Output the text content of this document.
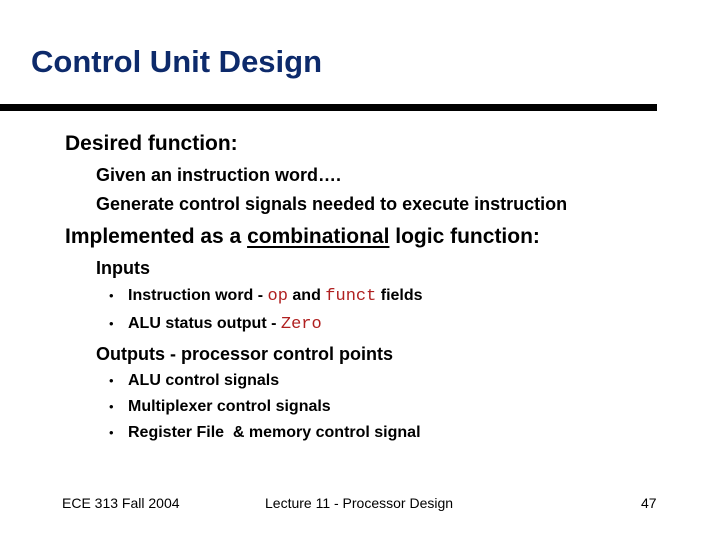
Control Unit Design
Desired function:
Given an instruction word….
Generate control signals needed to execute instruction
Implemented as a combinational logic function:
Inputs
• Instruction word - op and funct fields
• ALU status output - Zero
Outputs - processor control points
• ALU control signals
• Multiplexer control signals
• Register File  & memory control signal
ECE 313 Fall 2004	Lecture 11 - Processor Design	47
